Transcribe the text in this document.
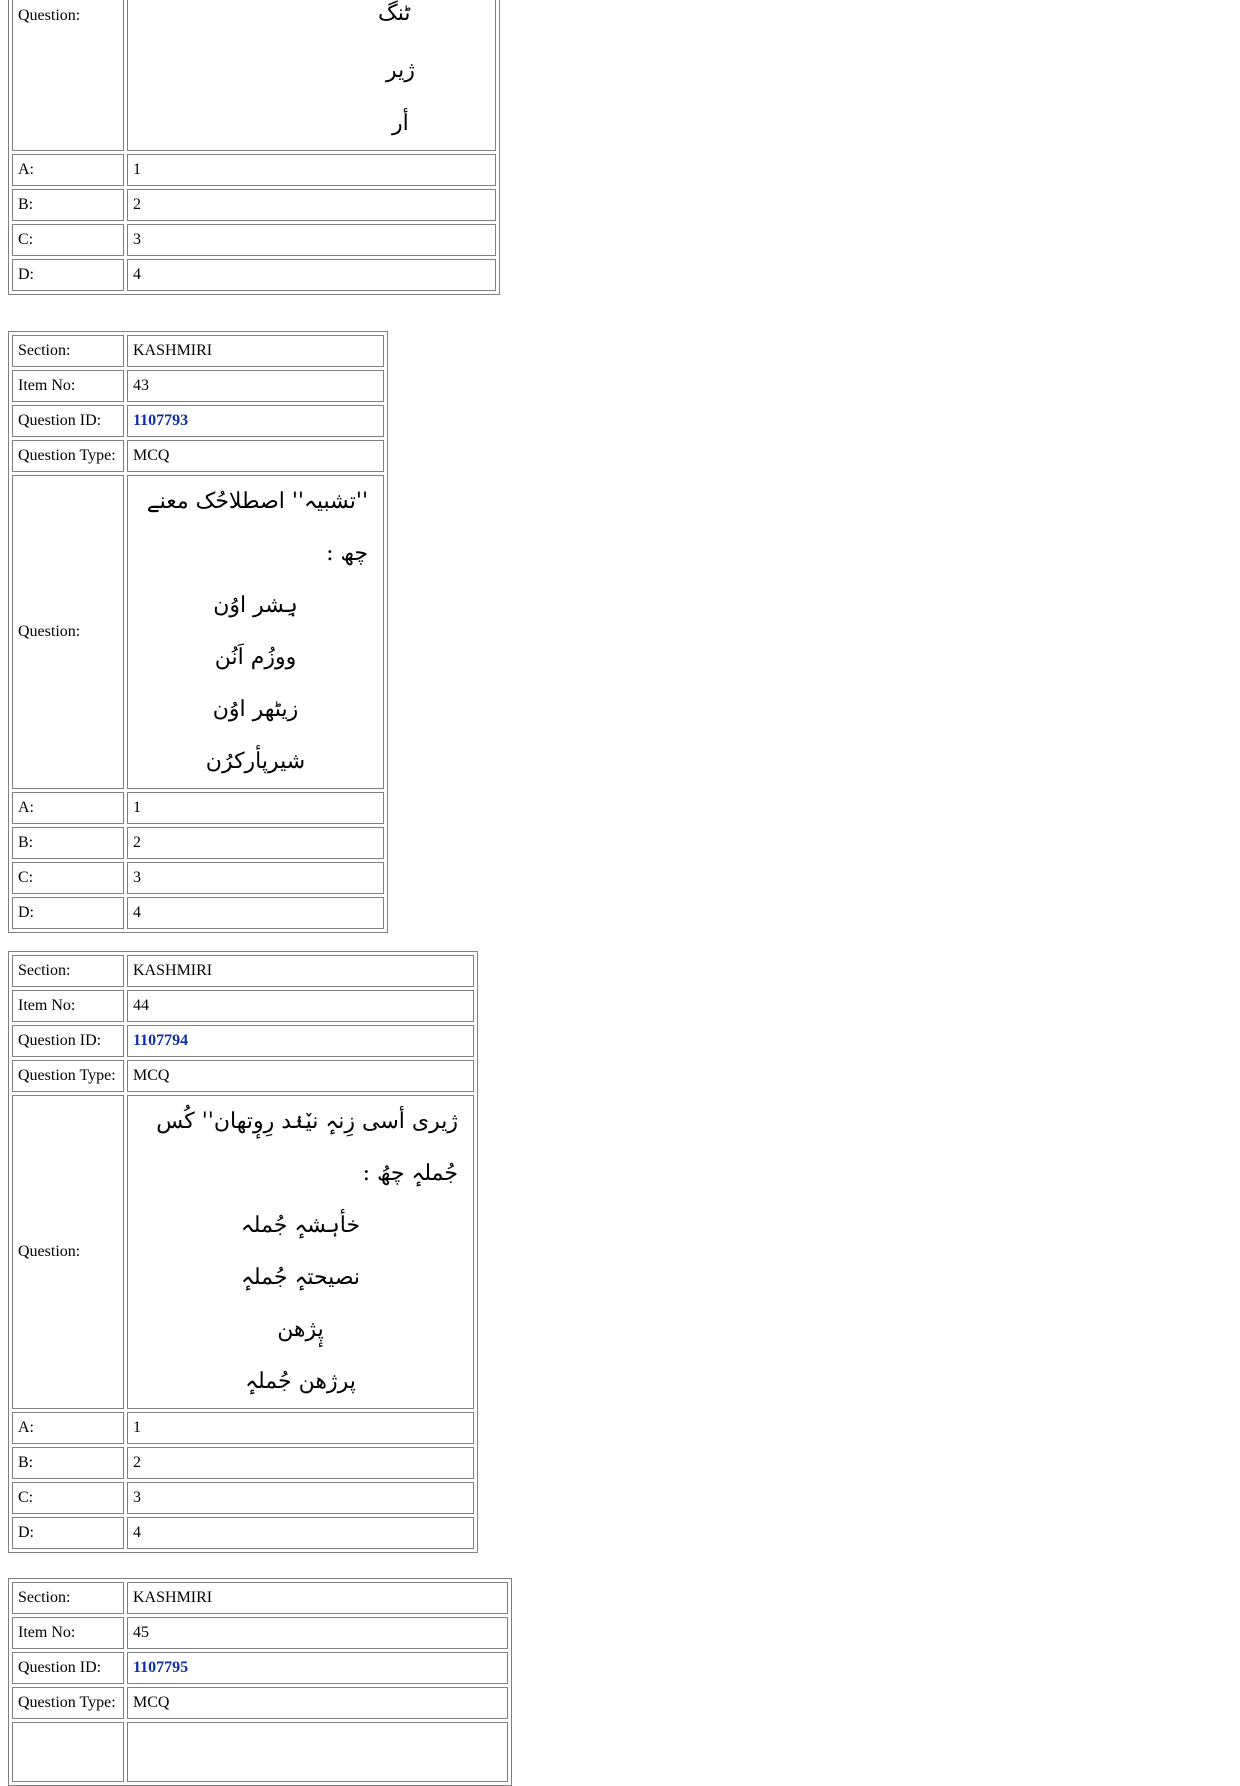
Question:	ٹنگ
ژیر
أر

A:	1
B:	2
C:	3
D:	4
Section:	KASHMIRI
Item No:	43
Question ID:	1107793
Question Type:	MCQ
Question:	''تشبیہ'' اصطلاحُک معنے چھ :
ہِشر اوُن
ووزُم اَنُن
زیٹھر اوُن
شیرپأرکرُن

A:	1
B:	2
C:	3
D:	4
Section:	KASHMIRI
Item No:	44
Question ID:	1107794
Question Type:	MCQ
Question:	ژیری أسی زِنہٕ نیٚنٛد رِوٕتھان'' کُس جُملہٕ چھُ :
خأہشہٕ جُملہ
نصیحتہٕ جُملہٕ
پٕژھن
پرژھن جُملہٕ

A:	1
B:	2
C:	3
D:	4
Section:	KASHMIRI
Item No:	45
Question ID:	1107795
Question Type:	MCQ
